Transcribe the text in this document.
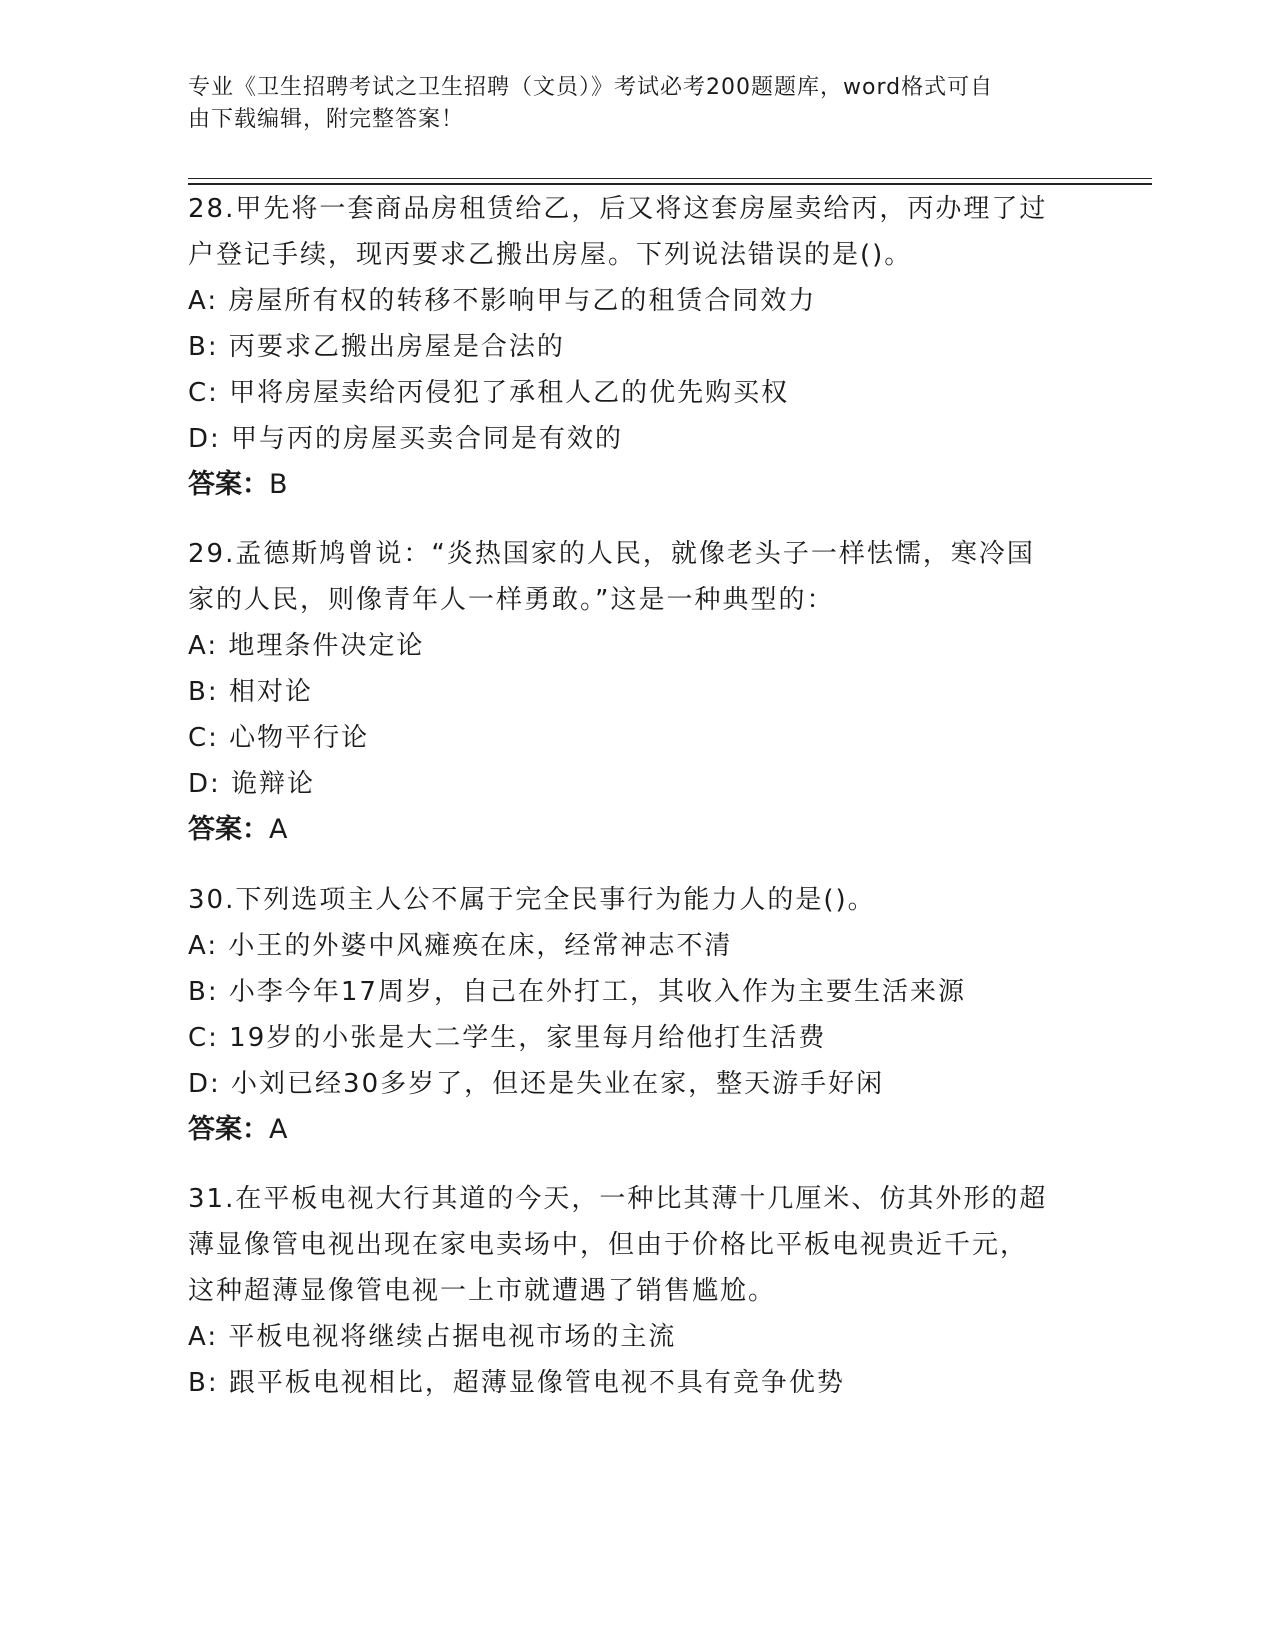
专业《卫生招聘考试之卫生招聘（文员）》考试必考200题题库，word格式可自
由下载编辑，附完整答案！

28.甲先将一套商品房租赁给乙，后又将这套房屋卖给丙，丙办理了过

户登记手续，现丙要求乙搬出房屋。下列说法错误的是()。

A: 房屋所有权的转移不影响甲与乙的租赁合同效力

B: 丙要求乙搬出房屋是合法的

C: 甲将房屋卖给丙侵犯了承租人乙的优先购买权

D: 甲与丙的房屋买卖合同是有效的

答案：B

29.孟德斯鸠曾说：“炎热国家的人民，就像老头子一样怯懦，寒冷国

家的人民，则像青年人一样勇敢。”这是一种典型的：

A: 地理条件决定论

B: 相对论

C: 心物平行论

D: 诡辩论

答案：A

30.下列选项主人公不属于完全民事行为能力人的是()。

A: 小王的外婆中风瘫痪在床，经常神志不清

B: 小李今年17周岁，自己在外打工，其收入作为主要生活来源

C: 19岁的小张是大二学生，家里每月给他打生活费

D: 小刘已经30多岁了，但还是失业在家，整天游手好闲

答案：A

31.在平板电视大行其道的今天，一种比其薄十几厘米、仿其外形的超

薄显像管电视出现在家电卖场中，但由于价格比平板电视贵近千元，

这种超薄显像管电视一上市就遭遇了销售尴尬。

A: 平板电视将继续占据电视市场的主流

B: 跟平板电视相比，超薄显像管电视不具有竞争优势
